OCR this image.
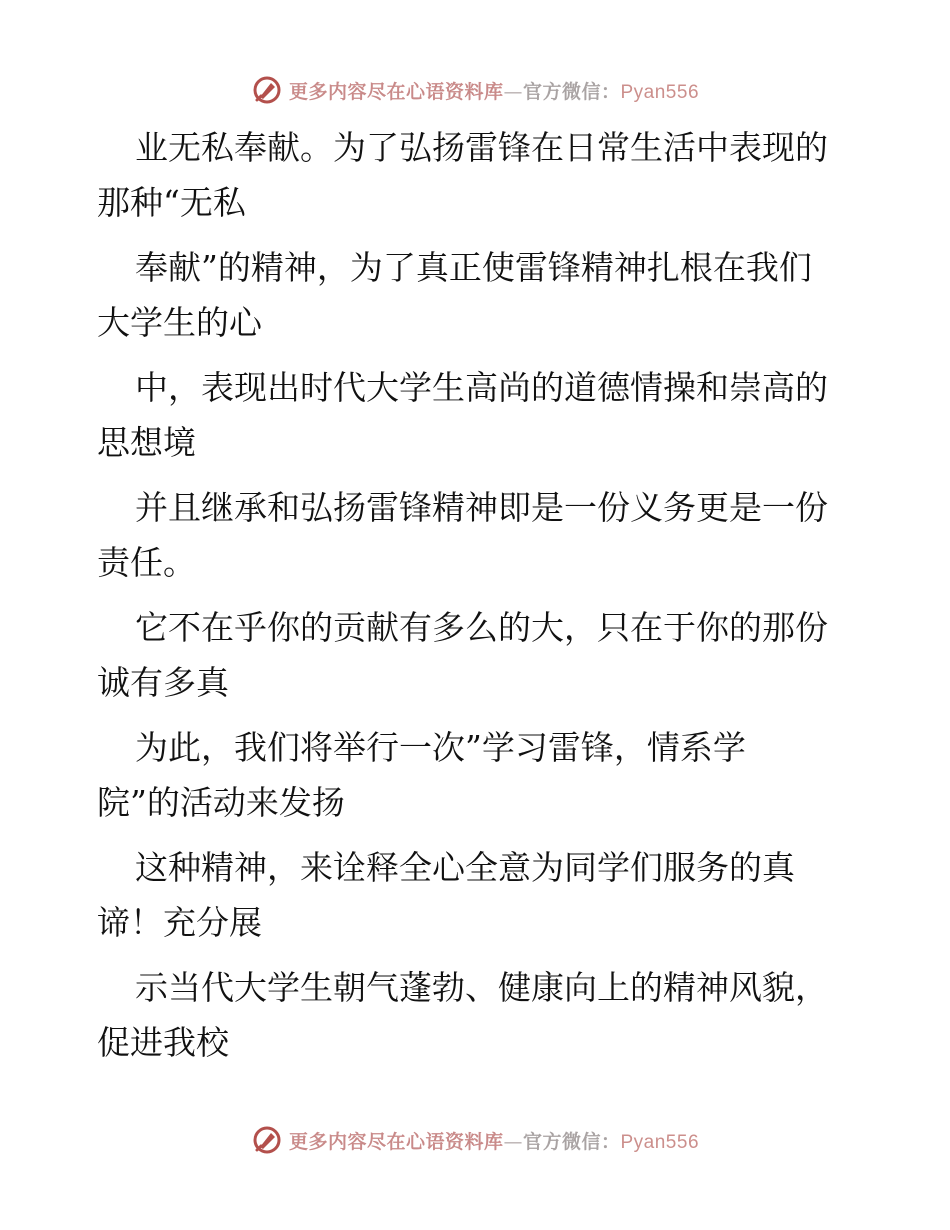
更多内容尽在心语资料库—官方微信：Pyan556

业无私奉献。为了弘扬雷锋在日常生活中表现的
那种“无私

奉献”的精神，为了真正使雷锋精神扎根在我们
大学生的心

中，表现出时代大学生高尚的道德情操和崇高的
思想境

并且继承和弘扬雷锋精神即是一份义务更是一份
责任。

它不在乎你的贡献有多么的大，只在于你的那份
诚有多真

为此，我们将举行一次”学习雷锋，情系学
院”的活动来发扬

这种精神，来诠释全心全意为同学们服务的真
谛！充分展

示当代大学生朝气蓬勃、健康向上的精神风貌，
促进我校

更多内容尽在心语资料库—官方微信：Pyan556
